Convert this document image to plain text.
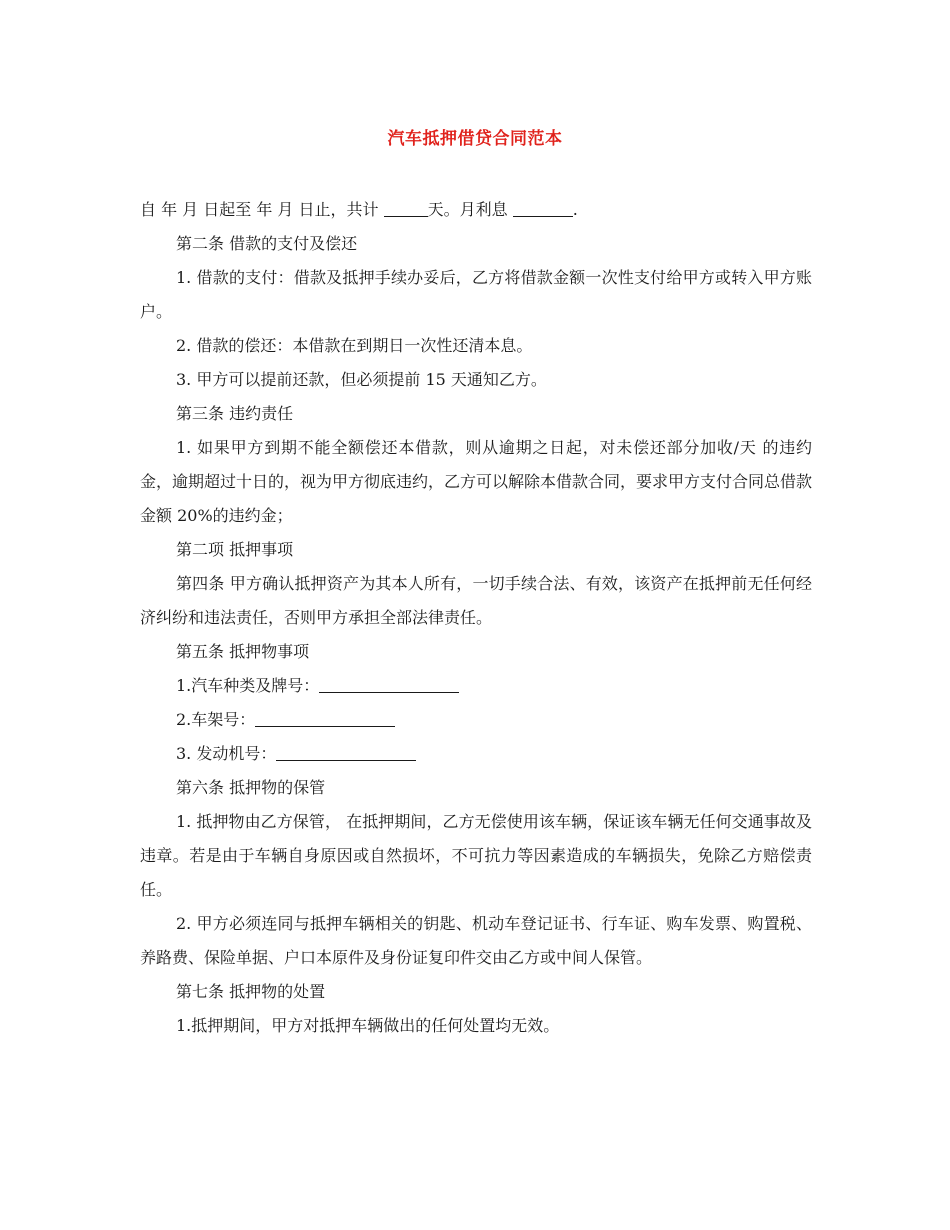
汽车抵押借贷合同范本

自 年 月 日起至 年 月 日止，共计	天。月利息	.

第二条 借款的支付及偿还

1. 借款的支付：借款及抵押手续办妥后，乙方将借款金额一次性支付给甲方或转入甲方账户。

2. 借款的偿还：本借款在到期日一次性还清本息。

3. 甲方可以提前还款，但必须提前 15 天通知乙方。

第三条 违约责任

1. 如果甲方到期不能全额偿还本借款，则从逾期之日起，对未偿还部分加收/天 的违约金，逾期超过十日的，视为甲方彻底违约，乙方可以解除本借款合同，要求甲方支付合同总借款金额 20%的违约金；

第二项 抵押事项

第四条 甲方确认抵押资产为其本人所有，一切手续合法、有效，该资产在抵押前无任何经济纠纷和违法责任，否则甲方承担全部法律责任。

第五条 抵押物事项

1.汽车种类及牌号：

2.车架号：

3. 发动机号：

第六条 抵押物的保管

1. 抵押物由乙方保管， 在抵押期间，乙方无偿使用该车辆，保证该车辆无任何交通事故及违章。若是由于车辆自身原因或自然损坏，不可抗力等因素造成的车辆损失，免除乙方赔偿责任。

2. 甲方必须连同与抵押车辆相关的钥匙、机动车登记证书、行车证、购车发票、购置税、养路费、保险单据、户口本原件及身份证复印件交由乙方或中间人保管。

第七条 抵押物的处置

1.抵押期间，甲方对抵押车辆做出的任何处置均无效。
